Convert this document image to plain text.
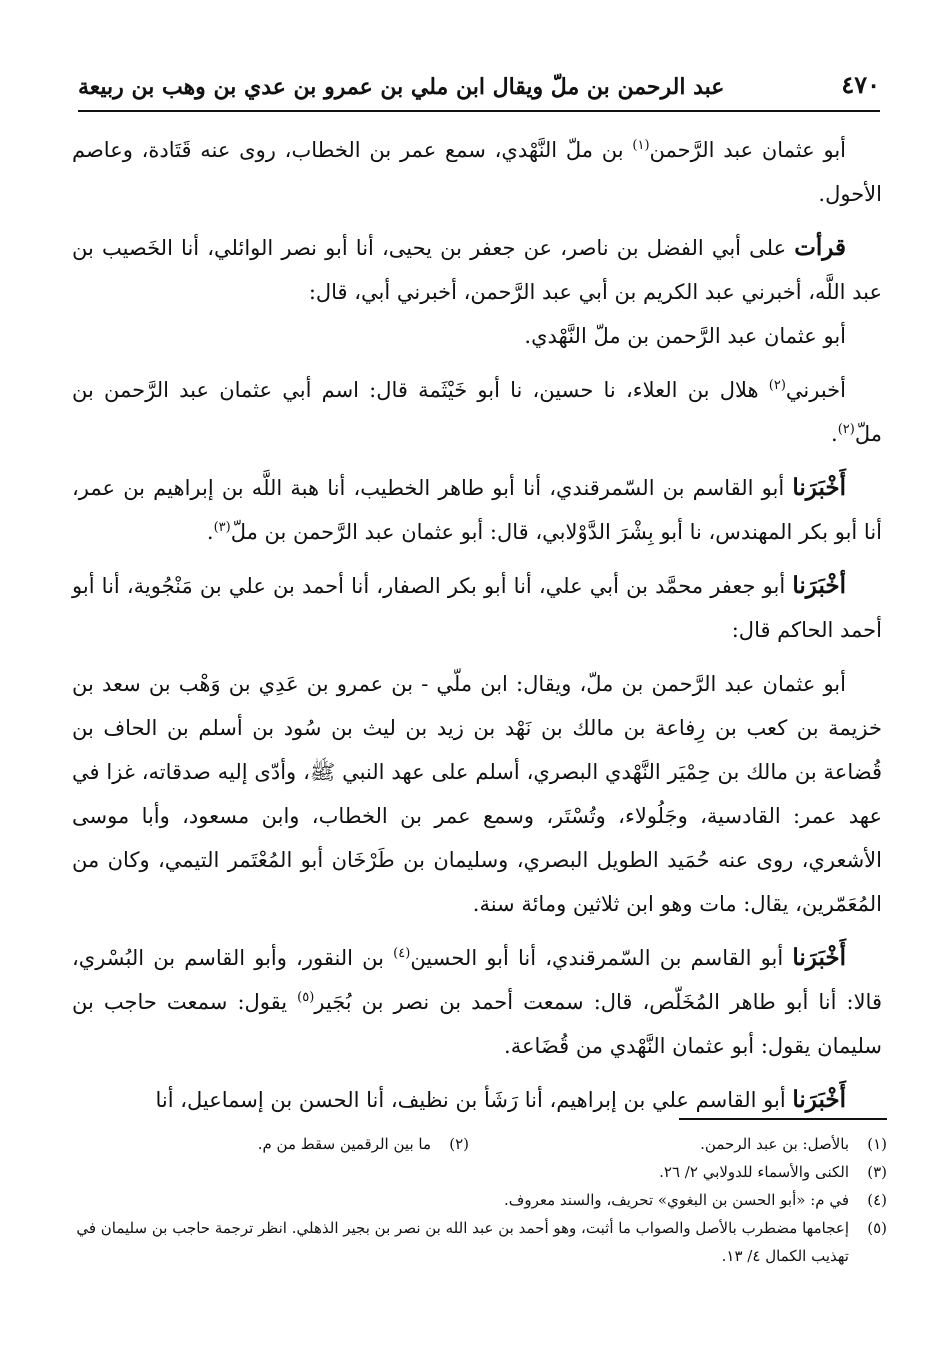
٤٧٠
عبد الرحمن بن ملّ ويقال ابن ملي بن عمرو بن عدي بن وهب بن ربيعة

أبو عثمان عبد الرَّحمن$^{(١)}$ بن ملّ النَّهْدي، سمع عمر بن الخطاب، روى عنه قَتَادة، وعاصم الأحول.

قرأت على أبي الفضل بن ناصر، عن جعفر بن يحيى، أنا أبو نصر الوائلي، أنا الخَصيب بن عبد اللَّه، أخبرني عبد الكريم بن أبي عبد الرَّحمن، أخبرني أبي، قال:

أبو عثمان عبد الرَّحمن بن ملّ النَّهْدي.

أخبرني$^{(٢)}$ هلال بن العلاء، نا حسين، نا أبو خَيْثَمة قال: اسم أبي عثمان عبد الرَّحمن بن ملّ$^{(٢)}$.

أَخْبَرَنا أبو القاسم بن السّمرقندي، أنا أبو طاهر الخطيب، أنا هبة اللَّه بن إبراهيم بن عمر، أنا أبو بكر المهندس، نا أبو بِشْرَ الدَّوْلابي، قال: أبو عثمان عبد الرَّحمن بن ملّ$^{(٣)}$.

أخْبَرَنا أبو جعفر محمَّد بن أبي علي، أنا أبو بكر الصفار، أنا أحمد بن علي بن مَنْجُوية، أنا أبو أحمد الحاكم قال:

أبو عثمان عبد الرَّحمن بن ملّ، ويقال: ابن ملّي - بن عمرو بن عَدِي بن وَهْب بن سعد بن خزيمة بن كعب بن رِفاعة بن مالك بن نَهْد بن زيد بن ليث بن سُود بن أسلم بن الحاف بن قُضاعة بن مالك بن حِمْيَر النَّهْدي البصري، أسلم على عهد النبي ﷺ، وأدّى إليه صدقاته، غزا في عهد عمر: القادسية، وجَلُولاء، وتُسْتَر، وسمع عمر بن الخطاب، وابن مسعود، وأبا موسى الأشعري، روى عنه حُمَيد الطويل البصري، وسليمان بن طَرْخَان أبو المُعْتَمر التيمي، وكان من المُعَمّرين، يقال: مات وهو ابن ثلاثين ومائة سنة.

أَخْبَرَنا أبو القاسم بن السّمرقندي، أنا أبو الحسين$^{(٤)}$ بن النقور، وأبو القاسم بن البُسْري، قالا: أنا أبو طاهر المُخَلّص، قال: سمعت أحمد بن نصر بن بُجَير$^{(٥)}$ يقول: سمعت حاجب بن سليمان يقول: أبو عثمان النَّهْدي من قُضَاعة.

أَخْبَرَنا أبو القاسم علي بن إبراهيم، أنا رَشَأ بن نظيف، أنا الحسن بن إسماعيل، أنا

(١)
بالأصل: بن عبد الرحمن.
(٢)
ما بين الرقمين سقط من م.
(٣)
الكنى والأسماء للدولابي ٢/ ٢٦.
(٤)
في م: «أبو الحسن بن البغوي» تحريف، والسند معروف.
(٥)
إعجامها مضطرب بالأصل والصواب ما أثبت، وهو أحمد بن عبد الله بن نصر بن بجير الذهلي. انظر ترجمة حاجب بن سليمان في تهذيب الكمال ٤/ ١٣.
